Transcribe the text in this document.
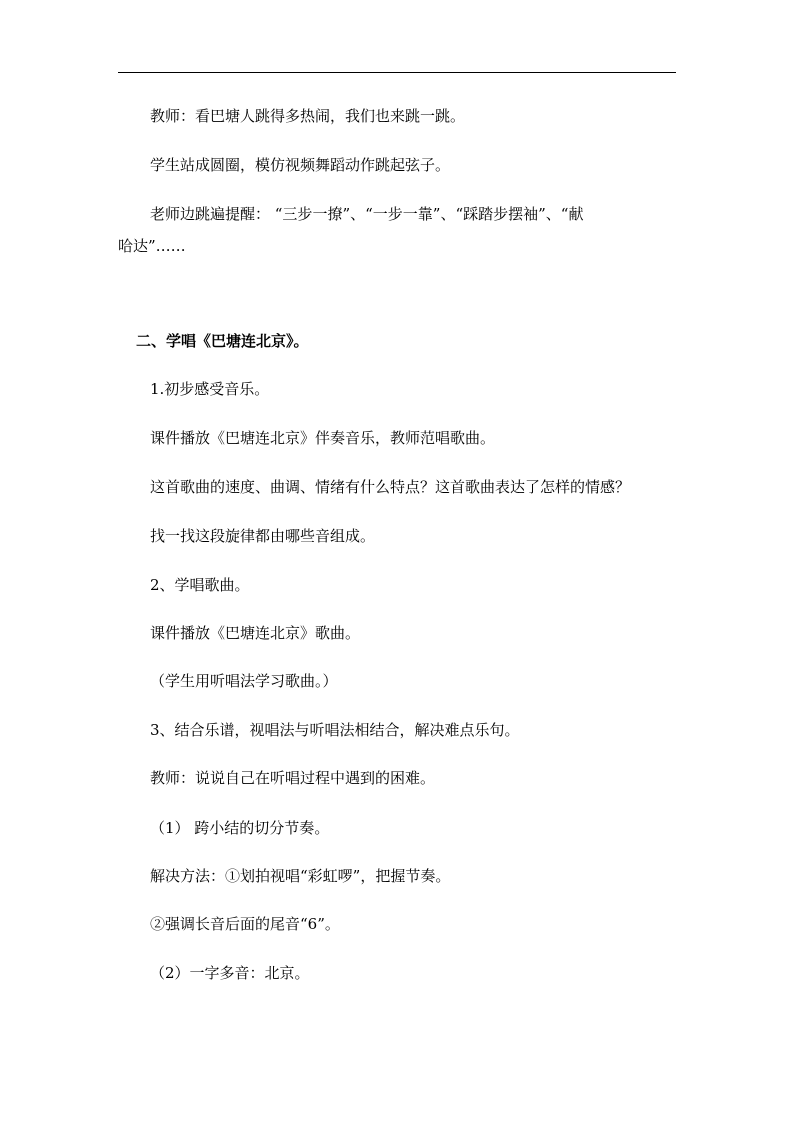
教师：看巴塘人跳得多热闹，我们也来跳一跳。
学生站成圆圈，模仿视频舞蹈动作跳起弦子。
老师边跳遍提醒： “三步一撩”、“一步一靠”、“踩踏步摆袖”、“献
哈达”……
二、学唱《巴塘连北京》。
1.初步感受音乐。
课件播放《巴塘连北京》伴奏音乐，教师范唱歌曲。
这首歌曲的速度、曲调、情绪有什么特点？这首歌曲表达了怎样的情感？
找一找这段旋律都由哪些音组成。
2、学唱歌曲。
课件播放《巴塘连北京》歌曲。
（学生用听唱法学习歌曲。）
3、结合乐谱，视唱法与听唱法相结合，解决难点乐句。
教师：说说自己在听唱过程中遇到的困难。
（1） 跨小结的切分节奏。
解决方法：①划拍视唱“彩虹啰”，把握节奏。
②强调长音后面的尾音“6”。
（2）一字多音：北京。
